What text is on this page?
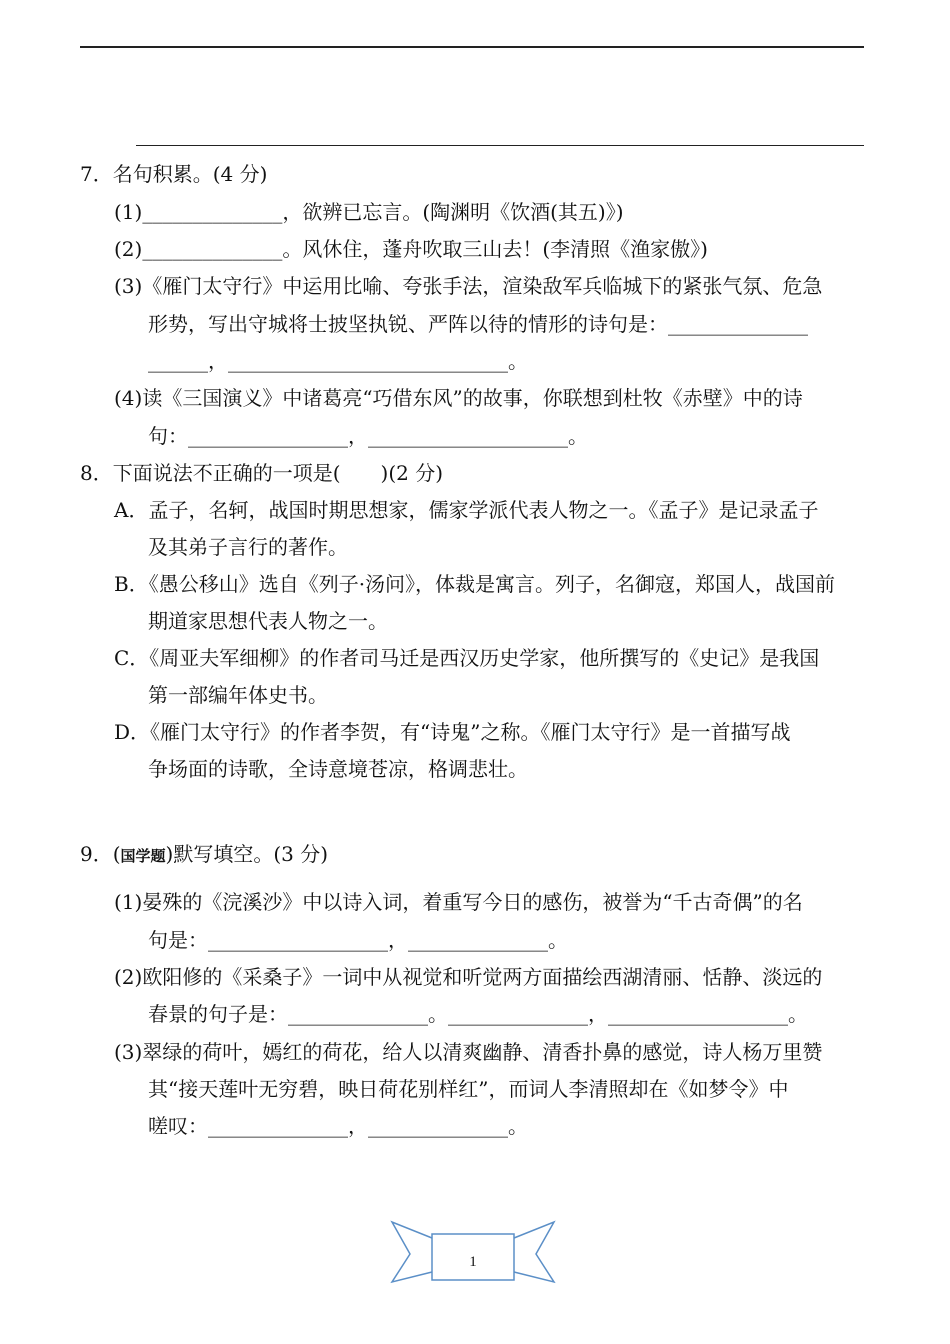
7．名句积累。(4 分)
(1)______________，欲辨已忘言。(陶渊明《饮酒(其五)》)
(2)______________。风休住，蓬舟吹取三山去！(李清照《渔家傲》)
(3)《雁门太守行》中运用比喻、夸张手法，渲染敌军兵临城下的紧张气氛、危急
形势，写出守城将士披坚执锐、严阵以待的情形的诗句是：______________
______，____________________________。
(4)读《三国演义》中诸葛亮“巧借东风”的故事，你联想到杜牧《赤壁》中的诗
句：________________，____________________。
8．下面说法不正确的一项是(　　)(2 分)
A．孟子，名轲，战国时期思想家，儒家学派代表人物之一。《孟子》是记录孟子
及其弟子言行的著作。
B．《愚公移山》选自《列子·汤问》，体裁是寓言。列子，名御寇，郑国人，战国前
期道家思想代表人物之一。
C．《周亚夫军细柳》的作者司马迁是西汉历史学家，他所撰写的《史记》是我国
第一部编年体史书。
D．《雁门太守行》的作者李贺，有“诗鬼”之称。《雁门太守行》是一首描写战
争场面的诗歌，全诗意境苍凉，格调悲壮。
9．(国学题)默写填空。(3 分)
(1)晏殊的《浣溪沙》中以诗入词，着重写今日的感伤，被誉为“千古奇偶”的名
句是：__________________，______________。
(2)欧阳修的《采桑子》一词中从视觉和听觉两方面描绘西湖清丽、恬静、淡远的
春景的句子是：______________。______________，__________________。
(3)翠绿的荷叶，嫣红的荷花，给人以清爽幽静、清香扑鼻的感觉，诗人杨万里赞
其“接天莲叶无穷碧，映日荷花别样红”，而词人李清照却在《如梦令》中
嗟叹：______________，______________。
1
